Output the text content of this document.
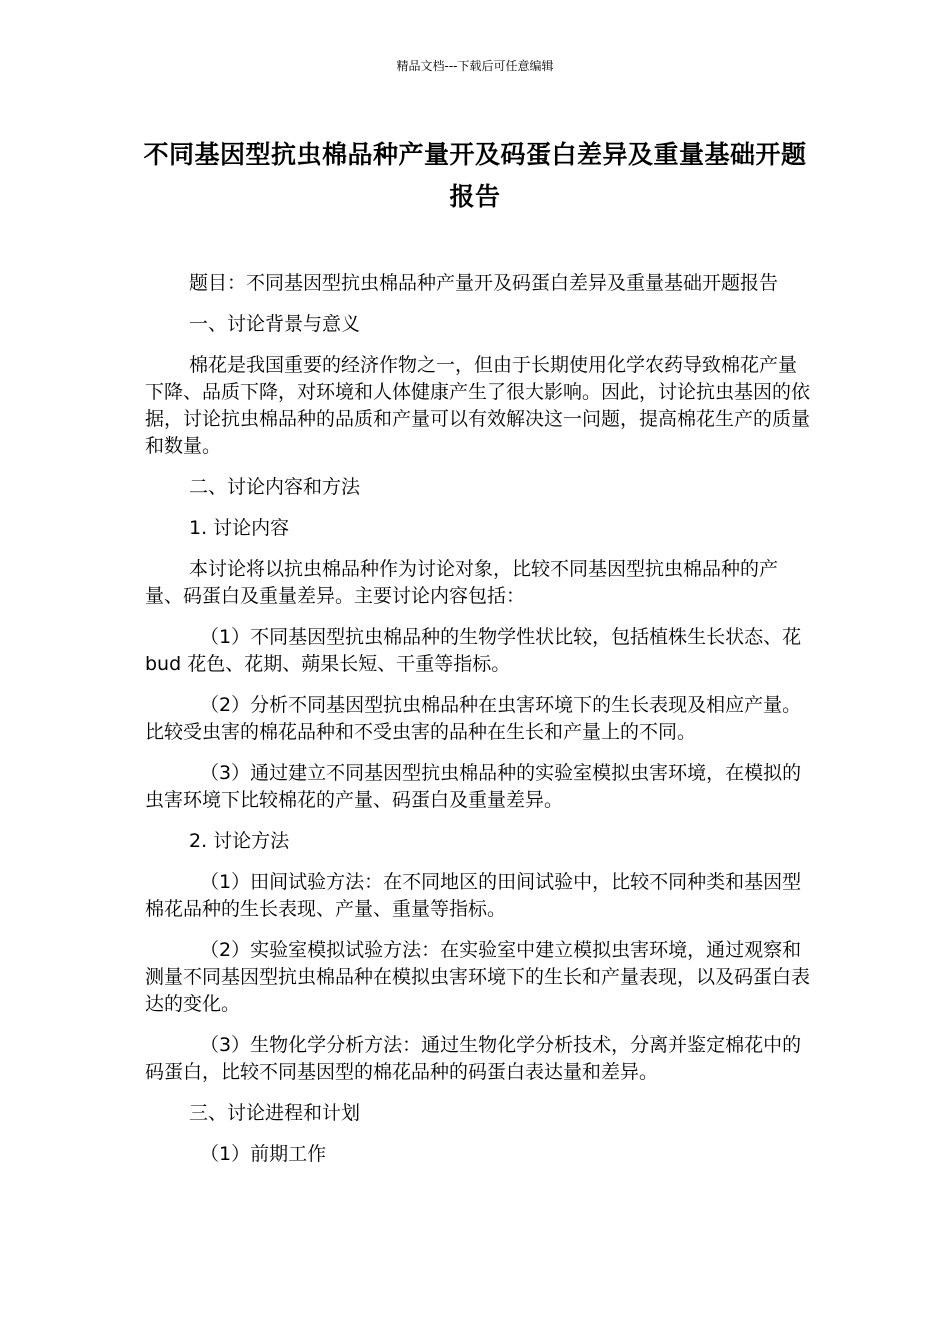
精品文档---下载后可任意编辑
不同基因型抗虫棉品种产量开及码蛋白差异及重量基础开题报告

题目：不同基因型抗虫棉品种产量开及码蛋白差异及重量基础开题报告

一、讨论背景与意义

棉花是我国重要的经济作物之一，但由于长期使用化学农药导致棉花产量下降、品质下降，对环境和人体健康产生了很大影响。因此，讨论抗虫基因的依据，讨论抗虫棉品种的品质和产量可以有效解决这一问题，提高棉花生产的质量和数量。

二、讨论内容和方法

1. 讨论内容

本讨论将以抗虫棉品种作为讨论对象，比较不同基因型抗虫棉品种的产量、码蛋白及重量差异。主要讨论内容包括：

（1）不同基因型抗虫棉品种的生物学性状比较，包括植株生长状态、花 bud 花色、花期、蒴果长短、干重等指标。

（2）分析不同基因型抗虫棉品种在虫害环境下的生长表现及相应产量。比较受虫害的棉花品种和不受虫害的品种在生长和产量上的不同。

（3）通过建立不同基因型抗虫棉品种的实验室模拟虫害环境，在模拟的虫害环境下比较棉花的产量、码蛋白及重量差异。

2. 讨论方法

（1）田间试验方法：在不同地区的田间试验中，比较不同种类和基因型棉花品种的生长表现、产量、重量等指标。

（2）实验室模拟试验方法：在实验室中建立模拟虫害环境，通过观察和测量不同基因型抗虫棉品种在模拟虫害环境下的生长和产量表现，以及码蛋白表达的变化。

（3）生物化学分析方法：通过生物化学分析技术，分离并鉴定棉花中的码蛋白，比较不同基因型的棉花品种的码蛋白表达量和差异。

三、讨论进程和计划

（1）前期工作
